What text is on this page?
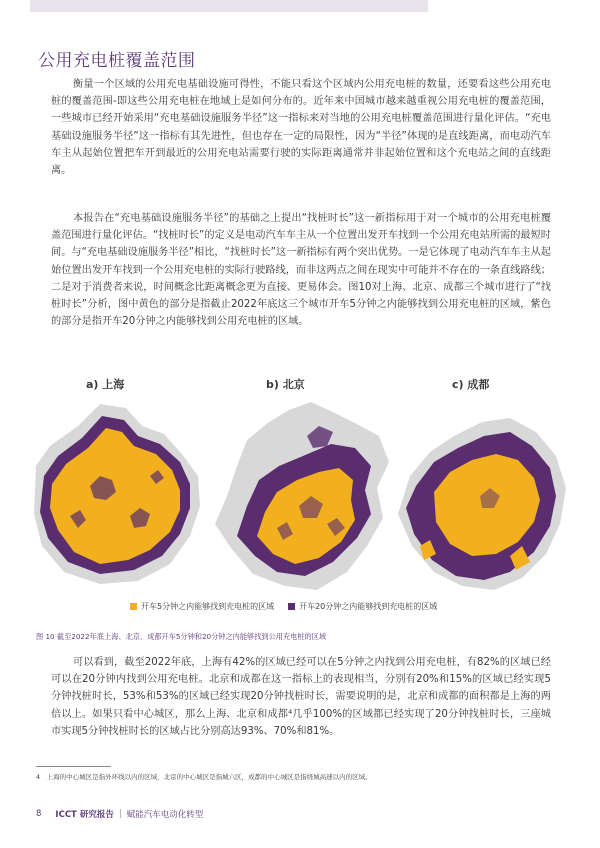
公用充电桩覆盖范围
衡量一个区域的公用充电基础设施可得性，不能只看这个区域内公用充电桩的数量，还要看这些公用充电桩的覆盖范围-即这些公用充电桩在地域上是如何分布的。近年来中国城市越来越重视公用充电桩的覆盖范围，一些城市已经开始采用“充电基础设施服务半径”这一指标来对当地的公用充电桩覆盖范围进行量化评估。“充电基础设施服务半径”这一指标有其先进性，但也存在一定的局限性，因为“半径”体现的是直线距离，而电动汽车车主从起始位置把车开到最近的公用充电站需要行驶的实际距离通常并非起始位置和这个充电站之间的直线距离。
本报告在“充电基础设施服务半径”的基础之上提出“找桩时长”这一新指标用于对一个城市的公用充电桩覆盖范围进行量化评估。“找桩时长”的定义是电动汽车车主从一个位置出发开车找到一个公用充电站所需的最短时间。与“充电基础设施服务半径”相比，“找桩时长”这一新指标有两个突出优势。一是它体现了电动汽车车主从起始位置出发开车找到一个公用充电桩的实际行驶路线，而非这两点之间在现实中可能并不存在的一条直线路线；二是对于消费者来说，时间概念比距离概念更为直接、更易体会。图10对上海、北京、成都三个城市进行了“找桩时长”分析，图中黄色的部分是指截止2022年底这三个城市开车5分钟之内能够找到公用充电桩的区域，紫色的部分是指开车20分钟之内能够找到公用充电桩的区域。
a) 上海	b) 北京	c) 成都
开车5分钟之内能够找到充电桩的区域	开车20分钟之内能够找到充电桩的区域
图 10 截至2022年底上海、北京、成都开车5分钟和20分钟之内能够找到公用充电桩的区域
可以看到，截至2022年底，上海有42%的区域已经可以在5分钟之内找到公用充电桩，有82%的区域已经可以在20分钟内找到公用充电桩。北京和成都在这一指标上的表现相当，分别有20%和15%的区域已经实现5分钟找桩时长，53%和53%的区域已经实现20分钟找桩时长，需要说明的是，北京和成都的面积都是上海的两倍以上。如果只看中心城区，那么上海、北京和成都⁴几乎100%的区域都已经实现了20分钟找桩时长，三座城市实现5分钟找桩时长的区域占比分别高达93%、70%和81%。
4　上海的中心城区是指外环线以内的区域，北京的中心城区是指城六区，成都的中心城区是指绕城高速以内的区域。
8 ICCT 研究报告 | 赋能汽车电动化转型
